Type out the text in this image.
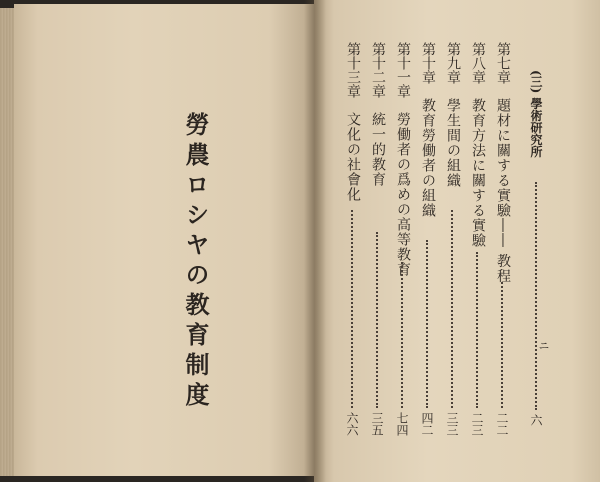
勞農ロシヤの教育制度	(三) 學術研究所
六
ニ
第七章題材に關する實驗―― 教程
二二
第八章教育方法に關する實驗
二三
第九章學生間の組織
三三
第十章教育勞働者の組織
四二
第十一章勞働者の爲めの高等教育
七四
第十二章統一的教育
三五
第十三章文化の社會化
六六
